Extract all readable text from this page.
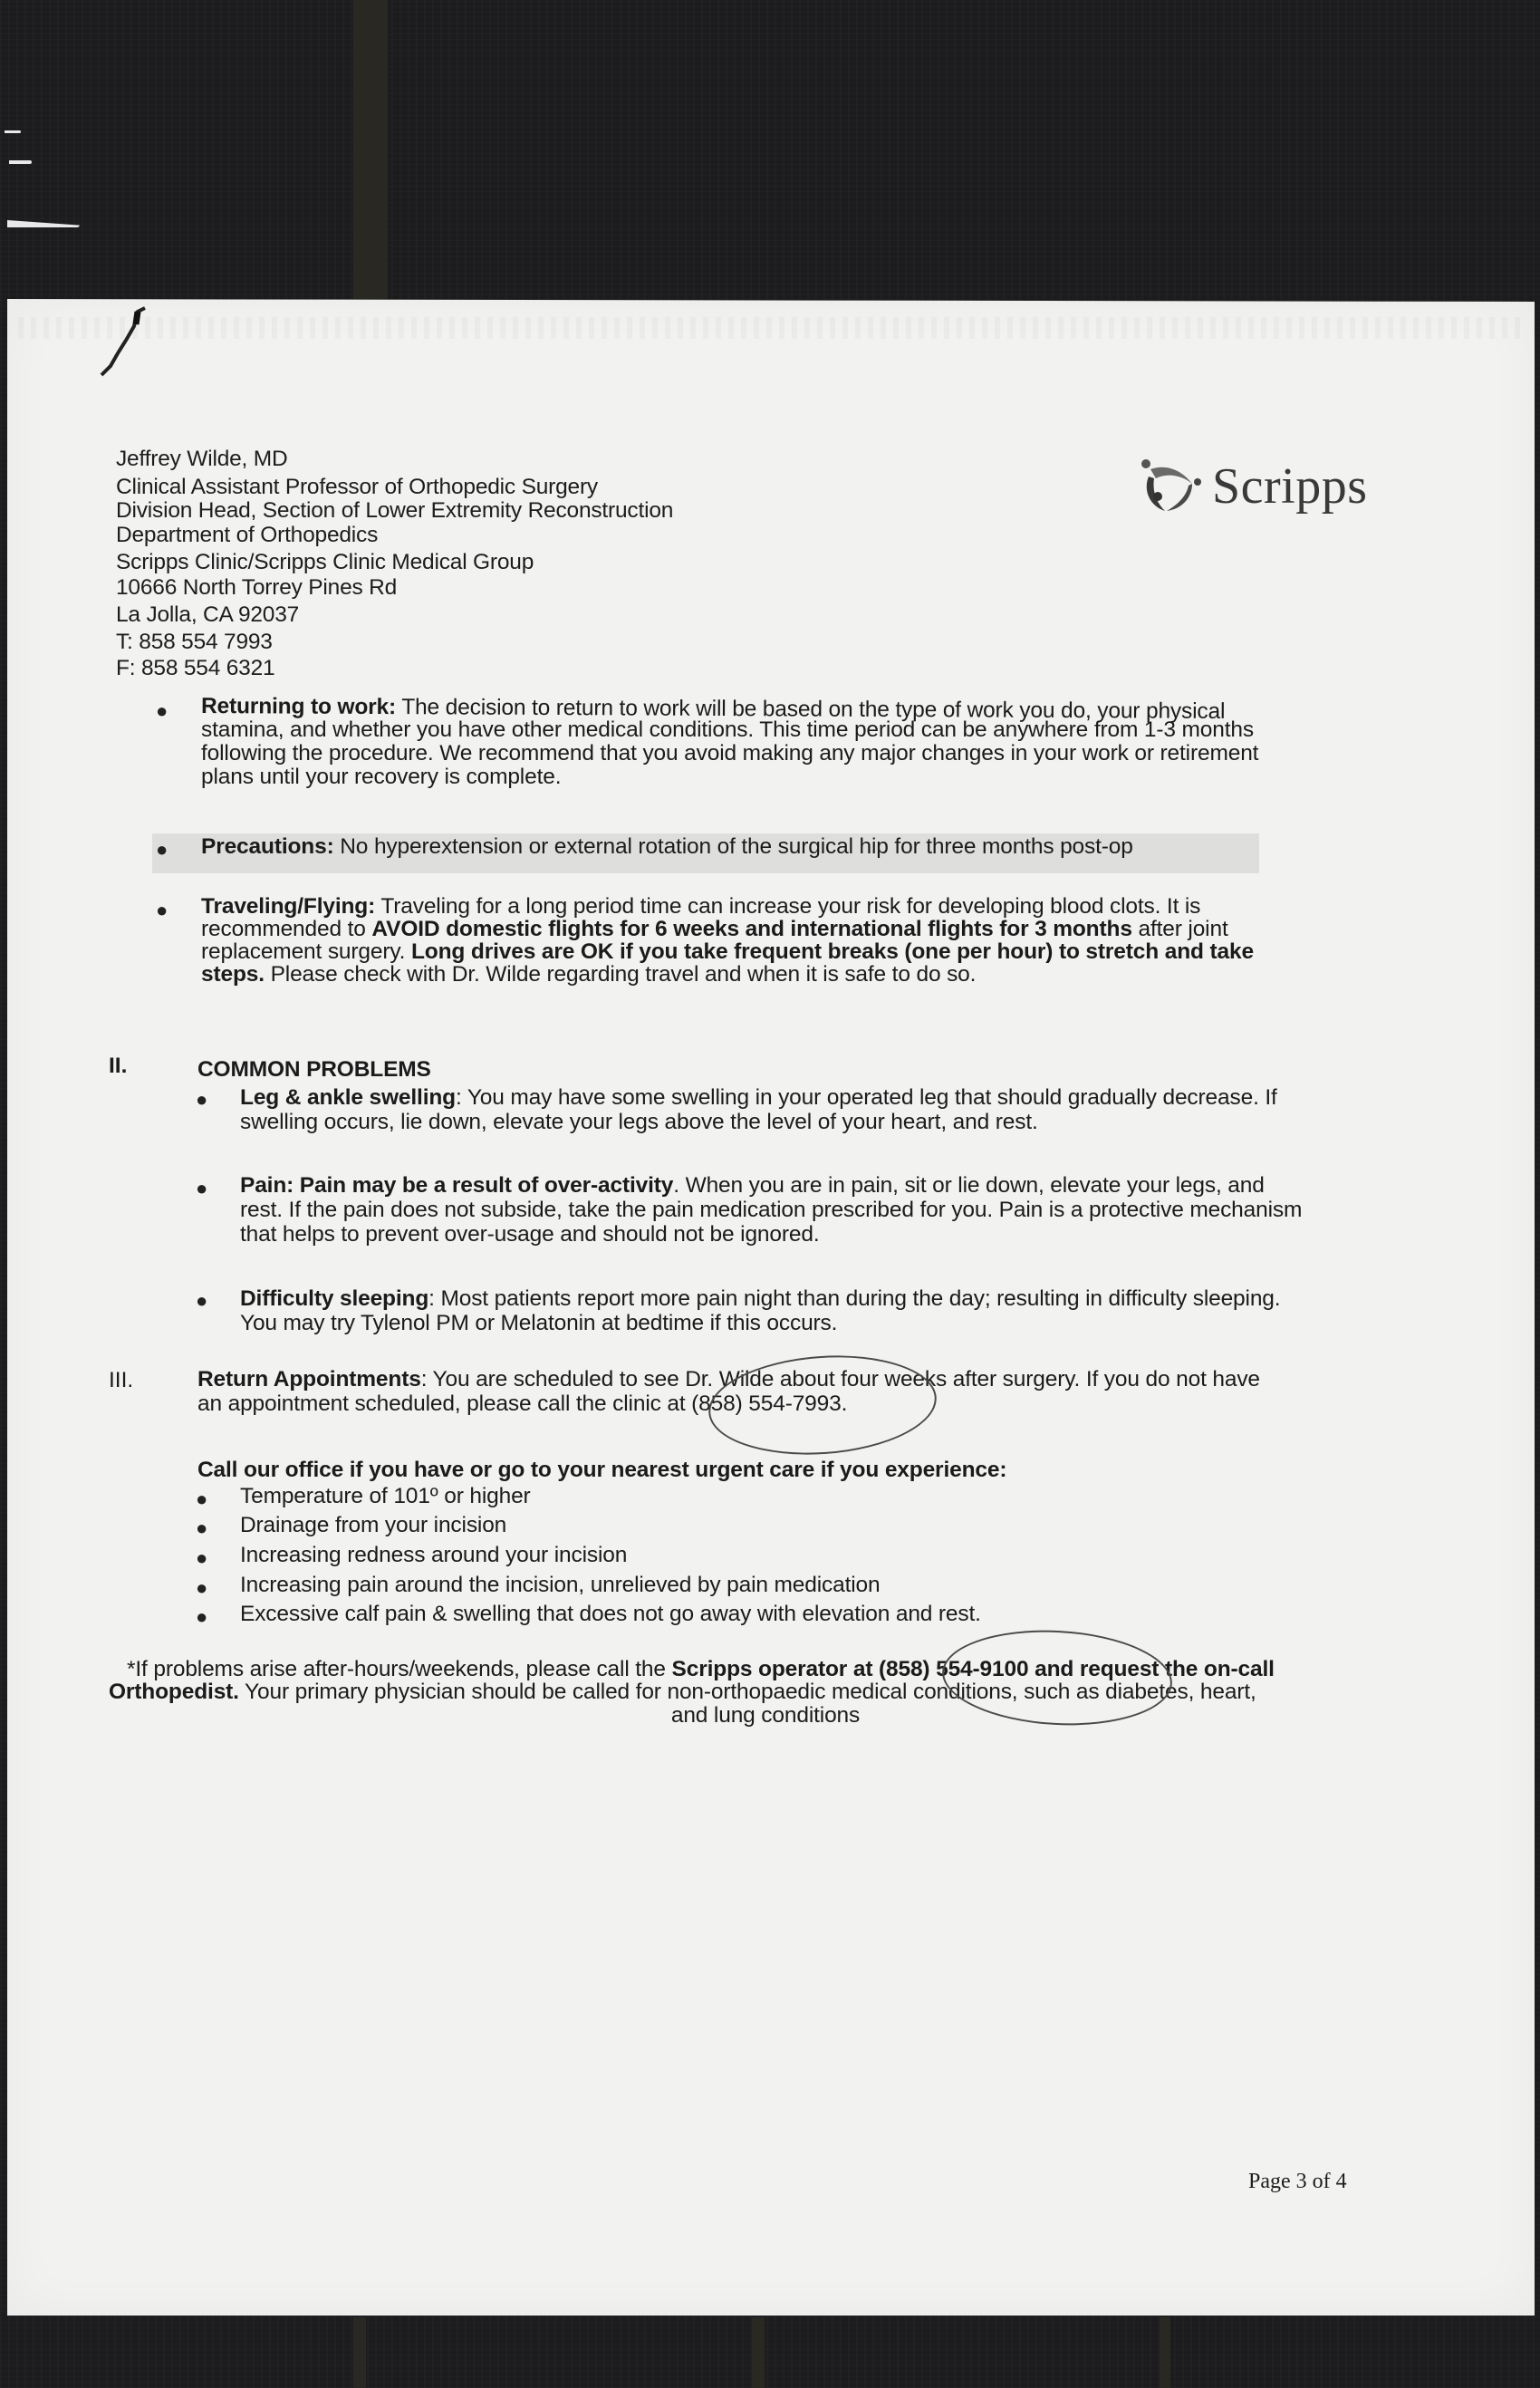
Jeffrey Wilde, MD
Clinical Assistant Professor of Orthopedic Surgery
Division Head, Section of Lower Extremity Reconstruction
Department of Orthopedics
Scripps Clinic/Scripps Clinic Medical Group
10666 North Torrey Pines Rd
La Jolla, CA 92037
T: 858 554 7993
F: 858 554 6321
Scripps
● Returning to work: The decision to return to work will be based on the type of work you do, your physical
stamina, and whether you have other medical conditions. This time period can be anywhere from 1-3 months
following the procedure. We recommend that you avoid making any major changes in your work or retirement
plans until your recovery is complete.
● Precautions: No hyperextension or external rotation of the surgical hip for three months post-op
● Traveling/Flying: Traveling for a long period time can increase your risk for developing blood clots. It is
recommended to AVOID domestic flights for 6 weeks and international flights for 3 months after joint
replacement surgery. Long drives are OK if you take frequent breaks (one per hour) to stretch and take
steps. Please check with Dr. Wilde regarding travel and when it is safe to do so.
II.	COMMON PROBLEMS
● Leg & ankle swelling: You may have some swelling in your operated leg that should gradually decrease. If
swelling occurs, lie down, elevate your legs above the level of your heart, and rest.
● Pain: Pain may be a result of over-activity. When you are in pain, sit or lie down, elevate your legs, and
rest. If the pain does not subside, take the pain medication prescribed for you. Pain is a protective mechanism
that helps to prevent over-usage and should not be ignored.
● Difficulty sleeping: Most patients report more pain night than during the day; resulting in difficulty sleeping.
You may try Tylenol PM or Melatonin at bedtime if this occurs.
III.	Return Appointments: You are scheduled to see Dr. Wilde about four weeks after surgery. If you do not have
an appointment scheduled, please call the clinic at (858) 554-7993.
Call our office if you have or go to your nearest urgent care if you experience:
● Temperature of 101º or higher
● Drainage from your incision
● Increasing redness around your incision
● Increasing pain around the incision, unrelieved by pain medication
● Excessive calf pain & swelling that does not go away with elevation and rest.
*If problems arise after-hours/weekends, please call the Scripps operator at (858) 554-9100 and request the on-call
Orthopedist. Your primary physician should be called for non-orthopaedic medical conditions, such as diabetes, heart,
and lung conditions
Page 3 of 4
